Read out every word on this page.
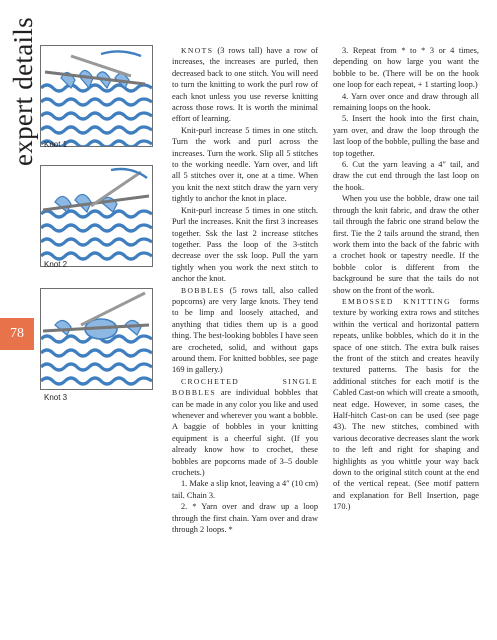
expert details
78
Knot 1
Knot 2
Knot 3

KNOTS (3 rows tall) have a row of increases, the increases are purled, then decreased back to one stitch. You will need to turn the knitting to work the purl row of each knot unless you use reverse knitting across those rows. It is worth the minimal effort of learning.

Knit-purl increase 5 times in one stitch. Turn the work and purl across the increases. Turn the work. Slip all 5 stitches to the working needle. Yarn over, and lift all 5 stitches over it, one at a time. When you knit the next stitch draw the yarn very tightly to anchor the knot in place.

Knit-purl increase 5 times in one stitch. Purl the increases. Knit the first 3 increases together. Ssk the last 2 increase stitches together. Pass the loop of the 3-stitch decrease over the ssk loop. Pull the yarn tightly when you work the next stitch to anchor the knot.

BOBBLES (5 rows tall, also called popcorns) are very large knots. They tend to be limp and loosely attached, and anything that tidies them up is a good thing. The best-looking bobbles I have seen are crocheted, solid, and without gaps around them. For knitted bobbles, see page 169 in gallery.)

CROCHETED SINGLE BOBBLES are individual bobbles that can be made in any color you like and used whenever and wherever you want a bobble. A baggie of bobbles in your knitting equipment is a cheerful sight. (If you already know how to crochet, these bobbles are popcorns made of 3–5 double crochets.)

1. Make a slip knot, leaving a 4″ (10 cm) tail. Chain 3.

2. * Yarn over and draw up a loop through the first chain. Yarn over and draw through 2 loops. *

3. Repeat from * to * 3 or 4 times, depending on how large you want the bobble to be. (There will be on the hook one loop for each repeat, + 1 starting loop.)

4. Yarn over once and draw through all remaining loops on the hook.

5. Insert the hook into the first chain, yarn over, and draw the loop through the last loop of the bobble, pulling the base and top together.

6. Cut the yarn leaving a 4″ tail, and draw the cut end through the last loop on the hook.

When you use the bobble, draw one tail through the knit fabric, and draw the other tail through the fabric one strand below the first. Tie the 2 tails around the strand, then work them into the back of the fabric with a crochet hook or tapestry needle. If the bobble color is different from the background be sure that the tails do not show on the front of the work.

EMBOSSED KNITTING forms texture by working extra rows and stitches within the vertical and horizontal pattern repeats, unlike bobbles, which do it in the space of one stitch. The extra bulk raises the front of the stitch and creates heavily textured patterns. The basis for the additional stitches for each motif is the Cabled Cast-on which will create a smooth, neat edge. However, in some cases, the Half-hitch Cast-on can be used (see page 43). The new stitches, combined with various decorative decreases slant the work to the left and right for shaping and highlights as you whittle your way back down to the original stitch count at the end of the vertical repeat. (See motif pattern and explanation for Bell Insertion, page 170.)
